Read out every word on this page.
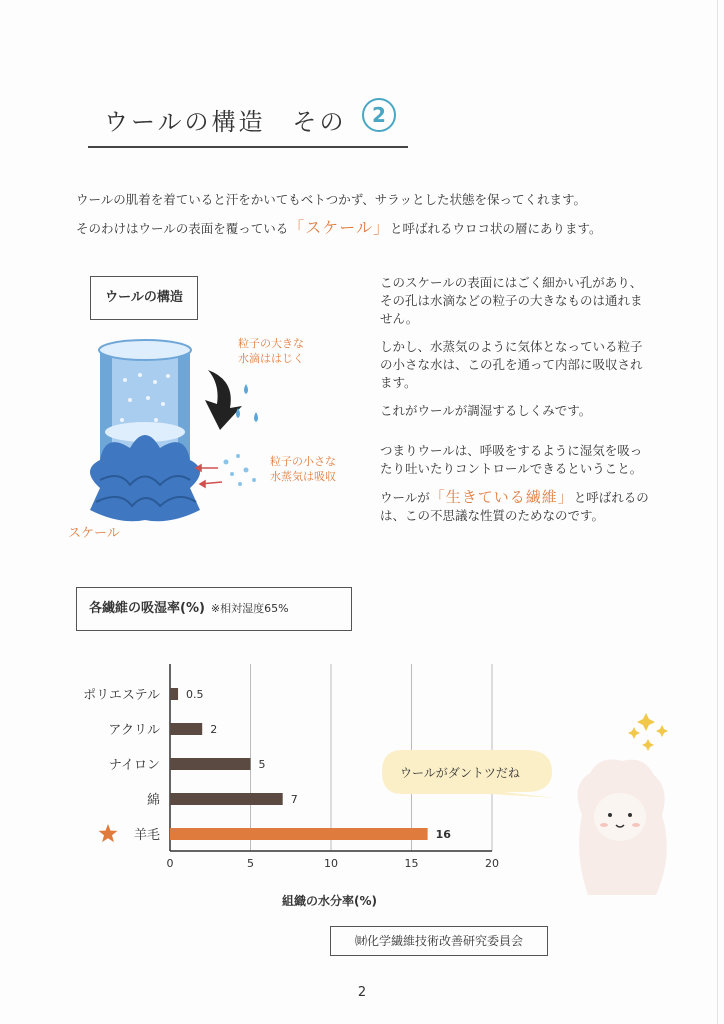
ウールの構造　その	2

ウールの肌着を着ていると汗をかいてもベトつかず、サラッとした状態を保ってくれます。

そのわけはウールの表面を覆っている「スケール」と呼ばれるウロコ状の層にあります。

ウールの構造
粒子の大きな
水滴ははじく
粒子の小さな
水蒸気は吸収
スケール

このスケールの表面にはごく細かい孔があり、その孔は水滴などの粒子の大きなものは通れません。

しかし、水蒸気のように気体となっている粒子の小さな水は、この孔を通って内部に吸収されます。

これがウールが調湿するしくみです。

つまりウールは、呼吸をするように湿気を吸ったり吐いたりコントロールできるということ。

ウールが「生きている繊維」と呼ばれるのは、この不思議な性質のためなのです。

各繊維の吸湿率(%) ※相対湿度65%
0	5	10	15	20
ポリエステル 0.5
アクリル	2
ナイロン	5
綿	7
羊毛	16
組織の水分率(%)
㈶化学繊維技術改善研究委員会
ウールがダントツだね
2
